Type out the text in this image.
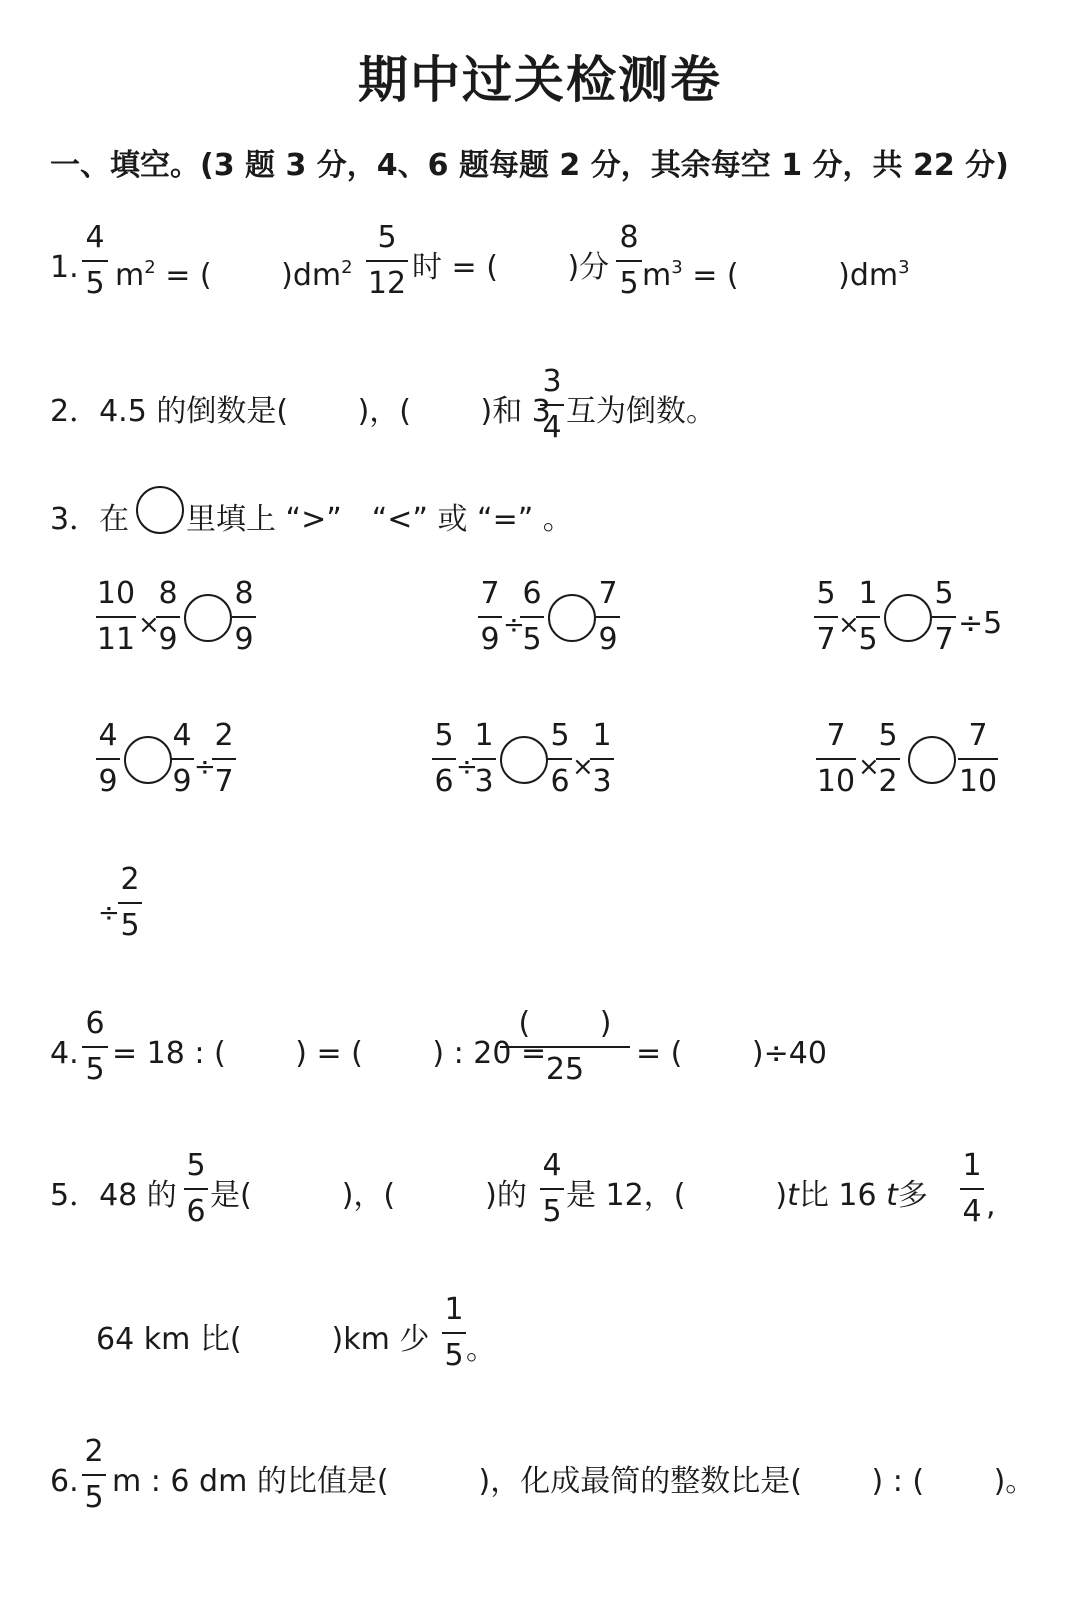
期中过关检测卷
一、填空。(3 题 3 分，4、6 题每题 2 分，其余每空 1 分，共 22 分)
1.
4
5 $m^2$ = (　　 )$dm^2$
5
12 时 = (　　 )分
8
5 $m^3$ = (　　　 )$dm^3$
2．4.5 的倒数是(　　 )，(　　 )和 3
3
4 互为倒数。
3．在 里填上 “>”　“<” 或 “=” 。
10
11 ×
8
9
8
9
7
9 ÷
6
5
7
9
5
7 ×
1
5
5
7 ÷5
4
9
4
9 ÷
2
7
5
6 ÷
1
3
5
6 ×
1
3
7
10 ×
5
2
7
10
÷
2
5
4.
6
5 = 18 : (　　 ) = (　　 ) : 20 =
(　　 )
25	= (　　 )÷40
5．48 的
5
6 是(　　　)，(　　　)的
4
5 是 12，(　　　)t比 16 t多
1
4 ,
64 km 比(　　　)km 少
1
5 。
6.
2
5 m : 6 dm 的比值是(　　　)，化成最简的整数比是(　　 ) : (　　 )。
